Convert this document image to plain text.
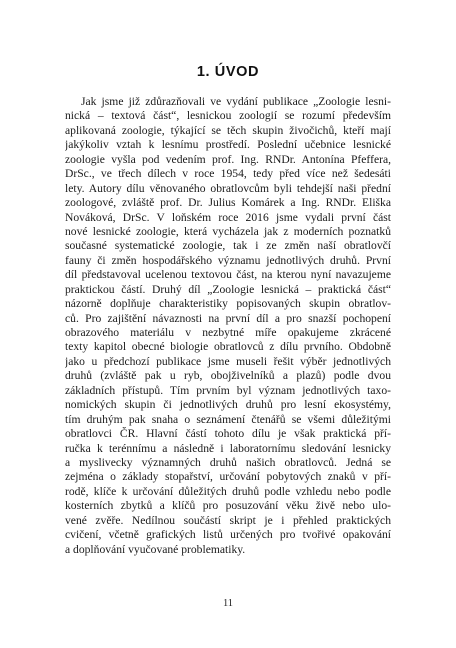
1. ÚVOD
Jak jsme již zdůrazňovali ve vydání publikace „Zoologie lesni-
nická – textová část“, lesnickou zoologií se rozumí především
aplikovaná zoologie, týkající se těch skupin živočichů, kteří mají
jakýkoliv vztah k lesnímu prostředí. Poslední učebnice lesnické
zoologie vyšla pod vedením prof. Ing. RNDr. Antonína Pfeffera,
DrSc., ve třech dílech v roce 1954, tedy před více než šedesáti
lety. Autory dílu věnovaného obratlovcům byli tehdejší naši přední
zoologové, zvláště prof. Dr. Julius Komárek a Ing. RNDr. Eliška
Nováková, DrSc. V loňském roce 2016 jsme vydali první část
nové lesnické zoologie, která vycházela jak z moderních poznatků
současné systematické zoologie, tak i ze změn naší obratlovčí
fauny či změn hospodářského významu jednotlivých druhů. První
díl představoval ucelenou textovou část, na kterou nyní navazujeme
praktickou částí. Druhý díl „Zoologie lesnická – praktická část“
názorně doplňuje charakteristiky popisovaných skupin obratlov-
ců. Pro zajištění návaznosti na první díl a pro snazší pochopení
obrazového materiálu v nezbytné míře opakujeme zkrácené
texty kapitol obecné biologie obratlovců z dílu prvního. Obdobně
jako u předchozí publikace jsme museli řešit výběr jednotlivých
druhů (zvláště pak u ryb, obojživelníků a plazů) podle dvou
základních přístupů. Tím prvním byl význam jednotlivých taxo-
nomických skupin či jednotlivých druhů pro lesní ekosystémy,
tím druhým pak snaha o seznámení čtenářů se všemi důležitými
obratlovci ČR. Hlavní částí tohoto dílu je však praktická pří-
ručka k terénnímu a následně i laboratornímu sledování lesnicky
a myslivecky významných druhů našich obratlovců. Jedná se
zejména o základy stopařství, určování pobytových znaků v pří-
rodě, klíče k určování důležitých druhů podle vzhledu nebo podle
kosterních zbytků a klíčů pro posuzování věku živě nebo ulo-
vené zvěře. Nedílnou součástí skript je i přehled praktických
cvičení, včetně grafických listů určených pro tvořivé opakování
a doplňování vyučované problematiky.
11
